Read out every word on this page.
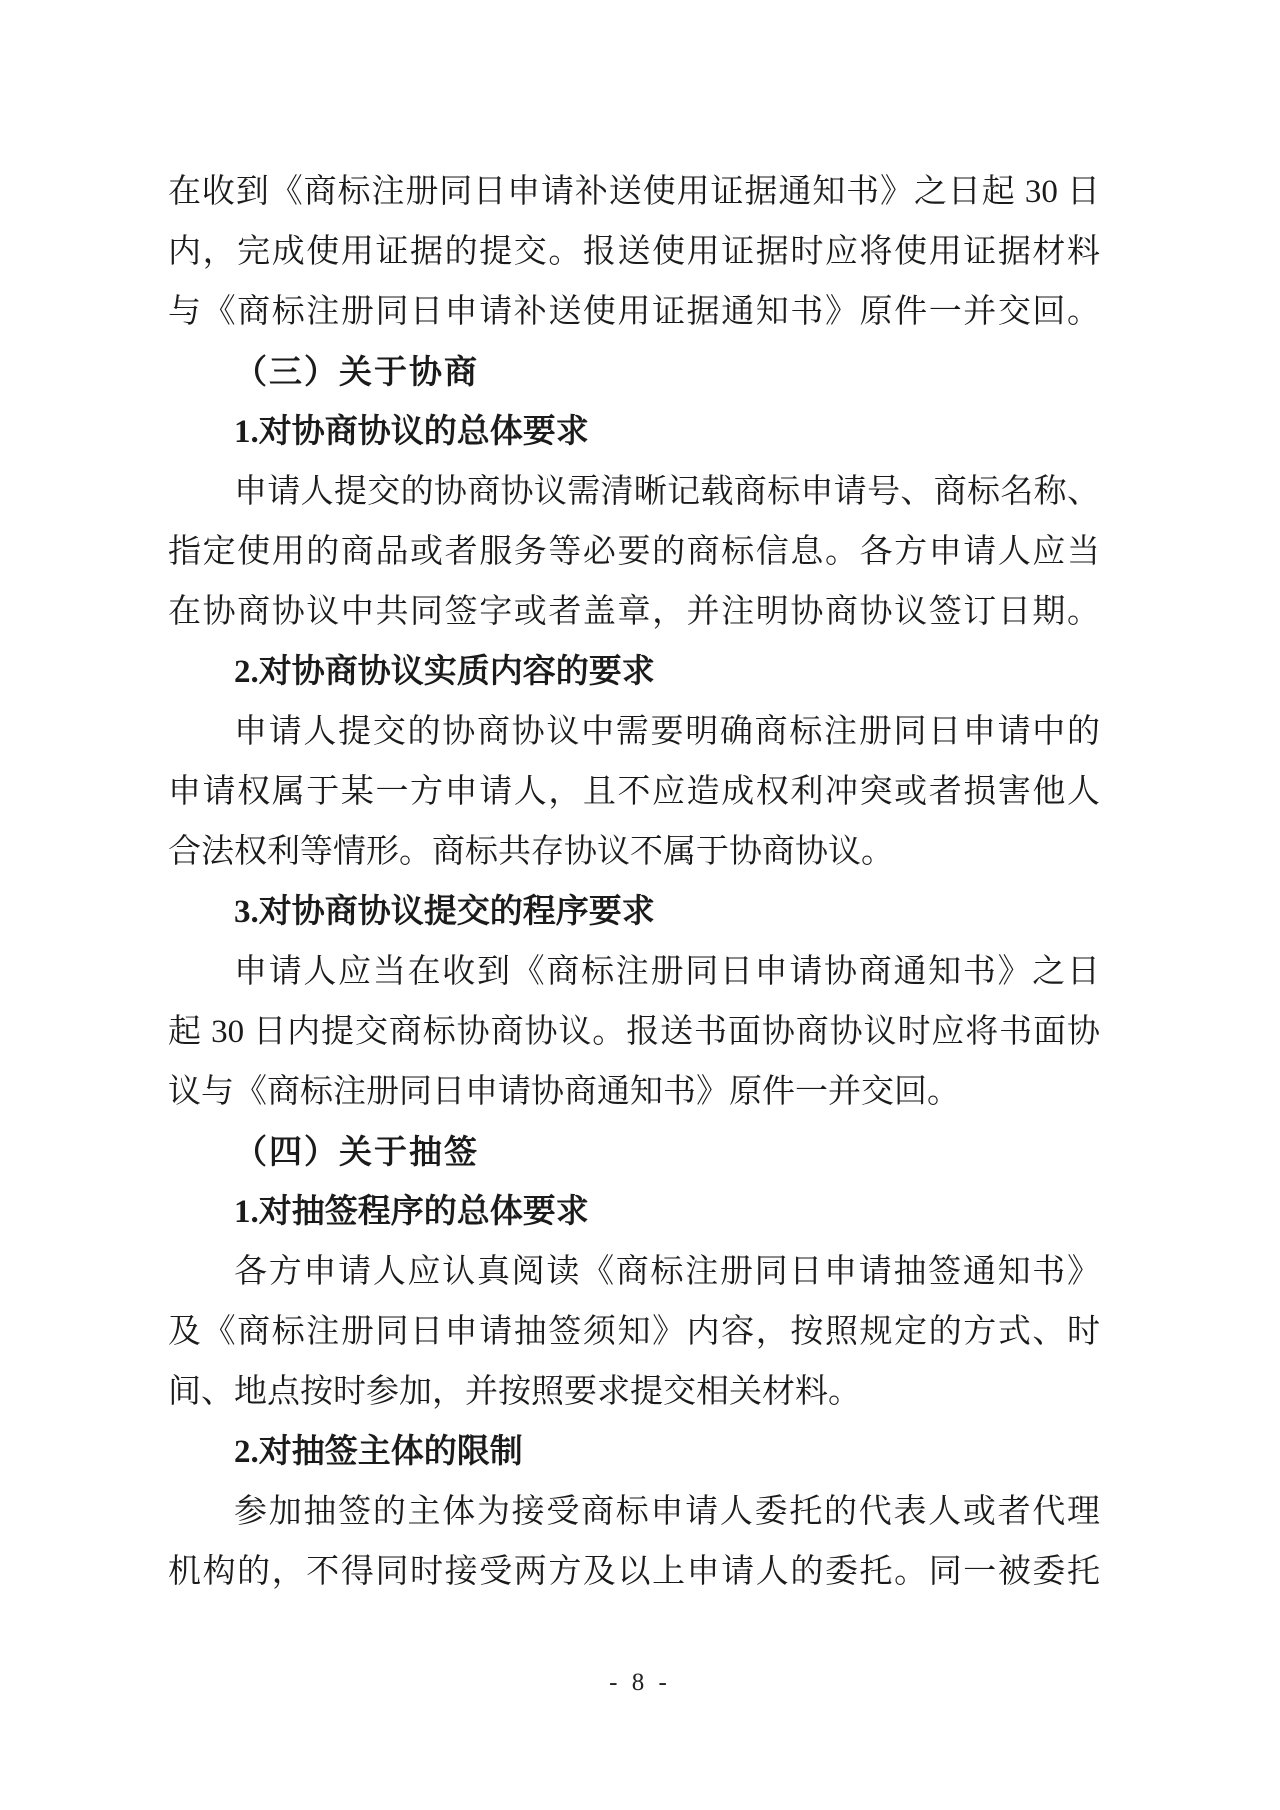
在收到《商标注册同日申请补送使用证据通知书》之日起 30 日
内，完成使用证据的提交。报送使用证据时应将使用证据材料
与《商标注册同日申请补送使用证据通知书》原件一并交回。
（三）关于协商
1.对协商协议的总体要求
申请人提交的协商协议需清晰记载商标申请号、商标名称、
指定使用的商品或者服务等必要的商标信息。各方申请人应当
在协商协议中共同签字或者盖章，并注明协商协议签订日期。
2.对协商协议实质内容的要求
申请人提交的协商协议中需要明确商标注册同日申请中的
申请权属于某一方申请人，且不应造成权利冲突或者损害他人
合法权利等情形。商标共存协议不属于协商协议。
3.对协商协议提交的程序要求
申请人应当在收到《商标注册同日申请协商通知书》之日
起 30 日内提交商标协商协议。报送书面协商协议时应将书面协
议与《商标注册同日申请协商通知书》原件一并交回。
（四）关于抽签
1.对抽签程序的总体要求
各方申请人应认真阅读《商标注册同日申请抽签通知书》
及《商标注册同日申请抽签须知》内容，按照规定的方式、时
间、地点按时参加，并按照要求提交相关材料。
2.对抽签主体的限制
参加抽签的主体为接受商标申请人委托的代表人或者代理
机构的，不得同时接受两方及以上申请人的委托。同一被委托
- 8 -
